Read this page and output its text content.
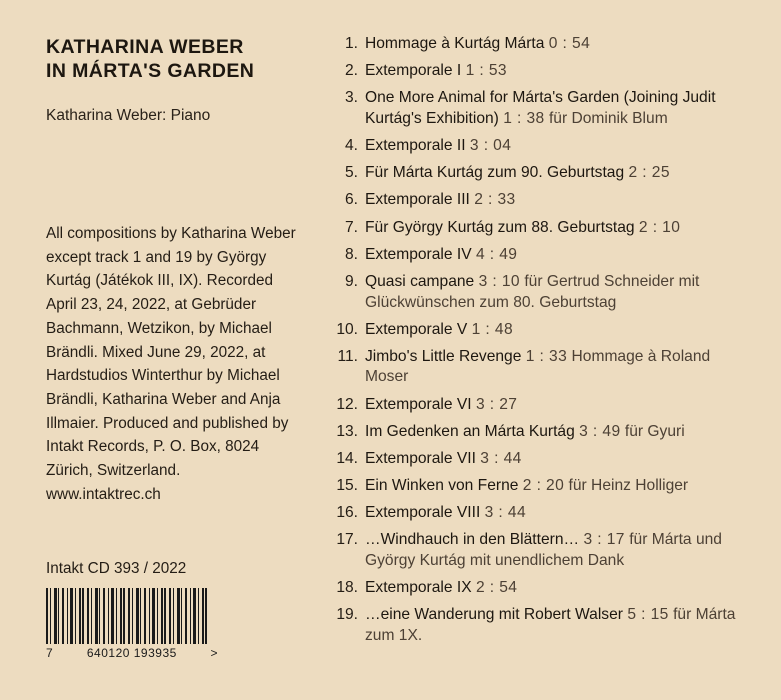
KATHARINA WEBER
IN MÁRTA'S GARDEN
Katharina Weber: Piano
All compositions by Katharina Weber except track 1 and 19 by György Kurtág (Játékok III, IX). Recorded April 23, 24, 2022, at Gebrüder Bachmann, Wetzikon, by Michael Brändli. Mixed June 29, 2022, at Hardstudios Winterthur by Michael Brändli, Katharina Weber and Anja Illmaier. Produced and published by Intakt Records, P. O. Box, 8024 Zürich, Switzerland. www.intaktrec.ch
Intakt CD 393 / 2022
7	640120 193935	>
1. Hommage à Kurtág Márta 0 : 54
2. Extemporale I 1 : 53
3. One More Animal for Márta's Garden (Joining Judit Kurtág's Exhibition) 1 : 38 für Dominik Blum
4. Extemporale II 3 : 04
5. Für Márta Kurtág zum 90. Geburtstag 2 : 25
6. Extemporale III 2 : 33
7. Für György Kurtág zum 88. Geburtstag 2 : 10
8. Extemporale IV 4 : 49
9. Quasi campane 3 : 10 für Gertrud Schneider mit Glückwünschen zum 80. Geburtstag
10. Extemporale V 1 : 48
11. Jimbo's Little Revenge 1 : 33 Hommage à Roland Moser
12. Extemporale VI 3 : 27
13. Im Gedenken an Márta Kurtág 3 : 49 für Gyuri
14. Extemporale VII 3 : 44
15. Ein Winken von Ferne 2 : 20 für Heinz Holliger
16. Extemporale VIII 3 : 44
17. …Windhauch in den Blättern… 3 : 17 für Márta und György Kurtág mit unendlichem Dank
18. Extemporale IX 2 : 54
19. …eine Wanderung mit Robert Walser 5 : 15 für Márta zum 1X.
